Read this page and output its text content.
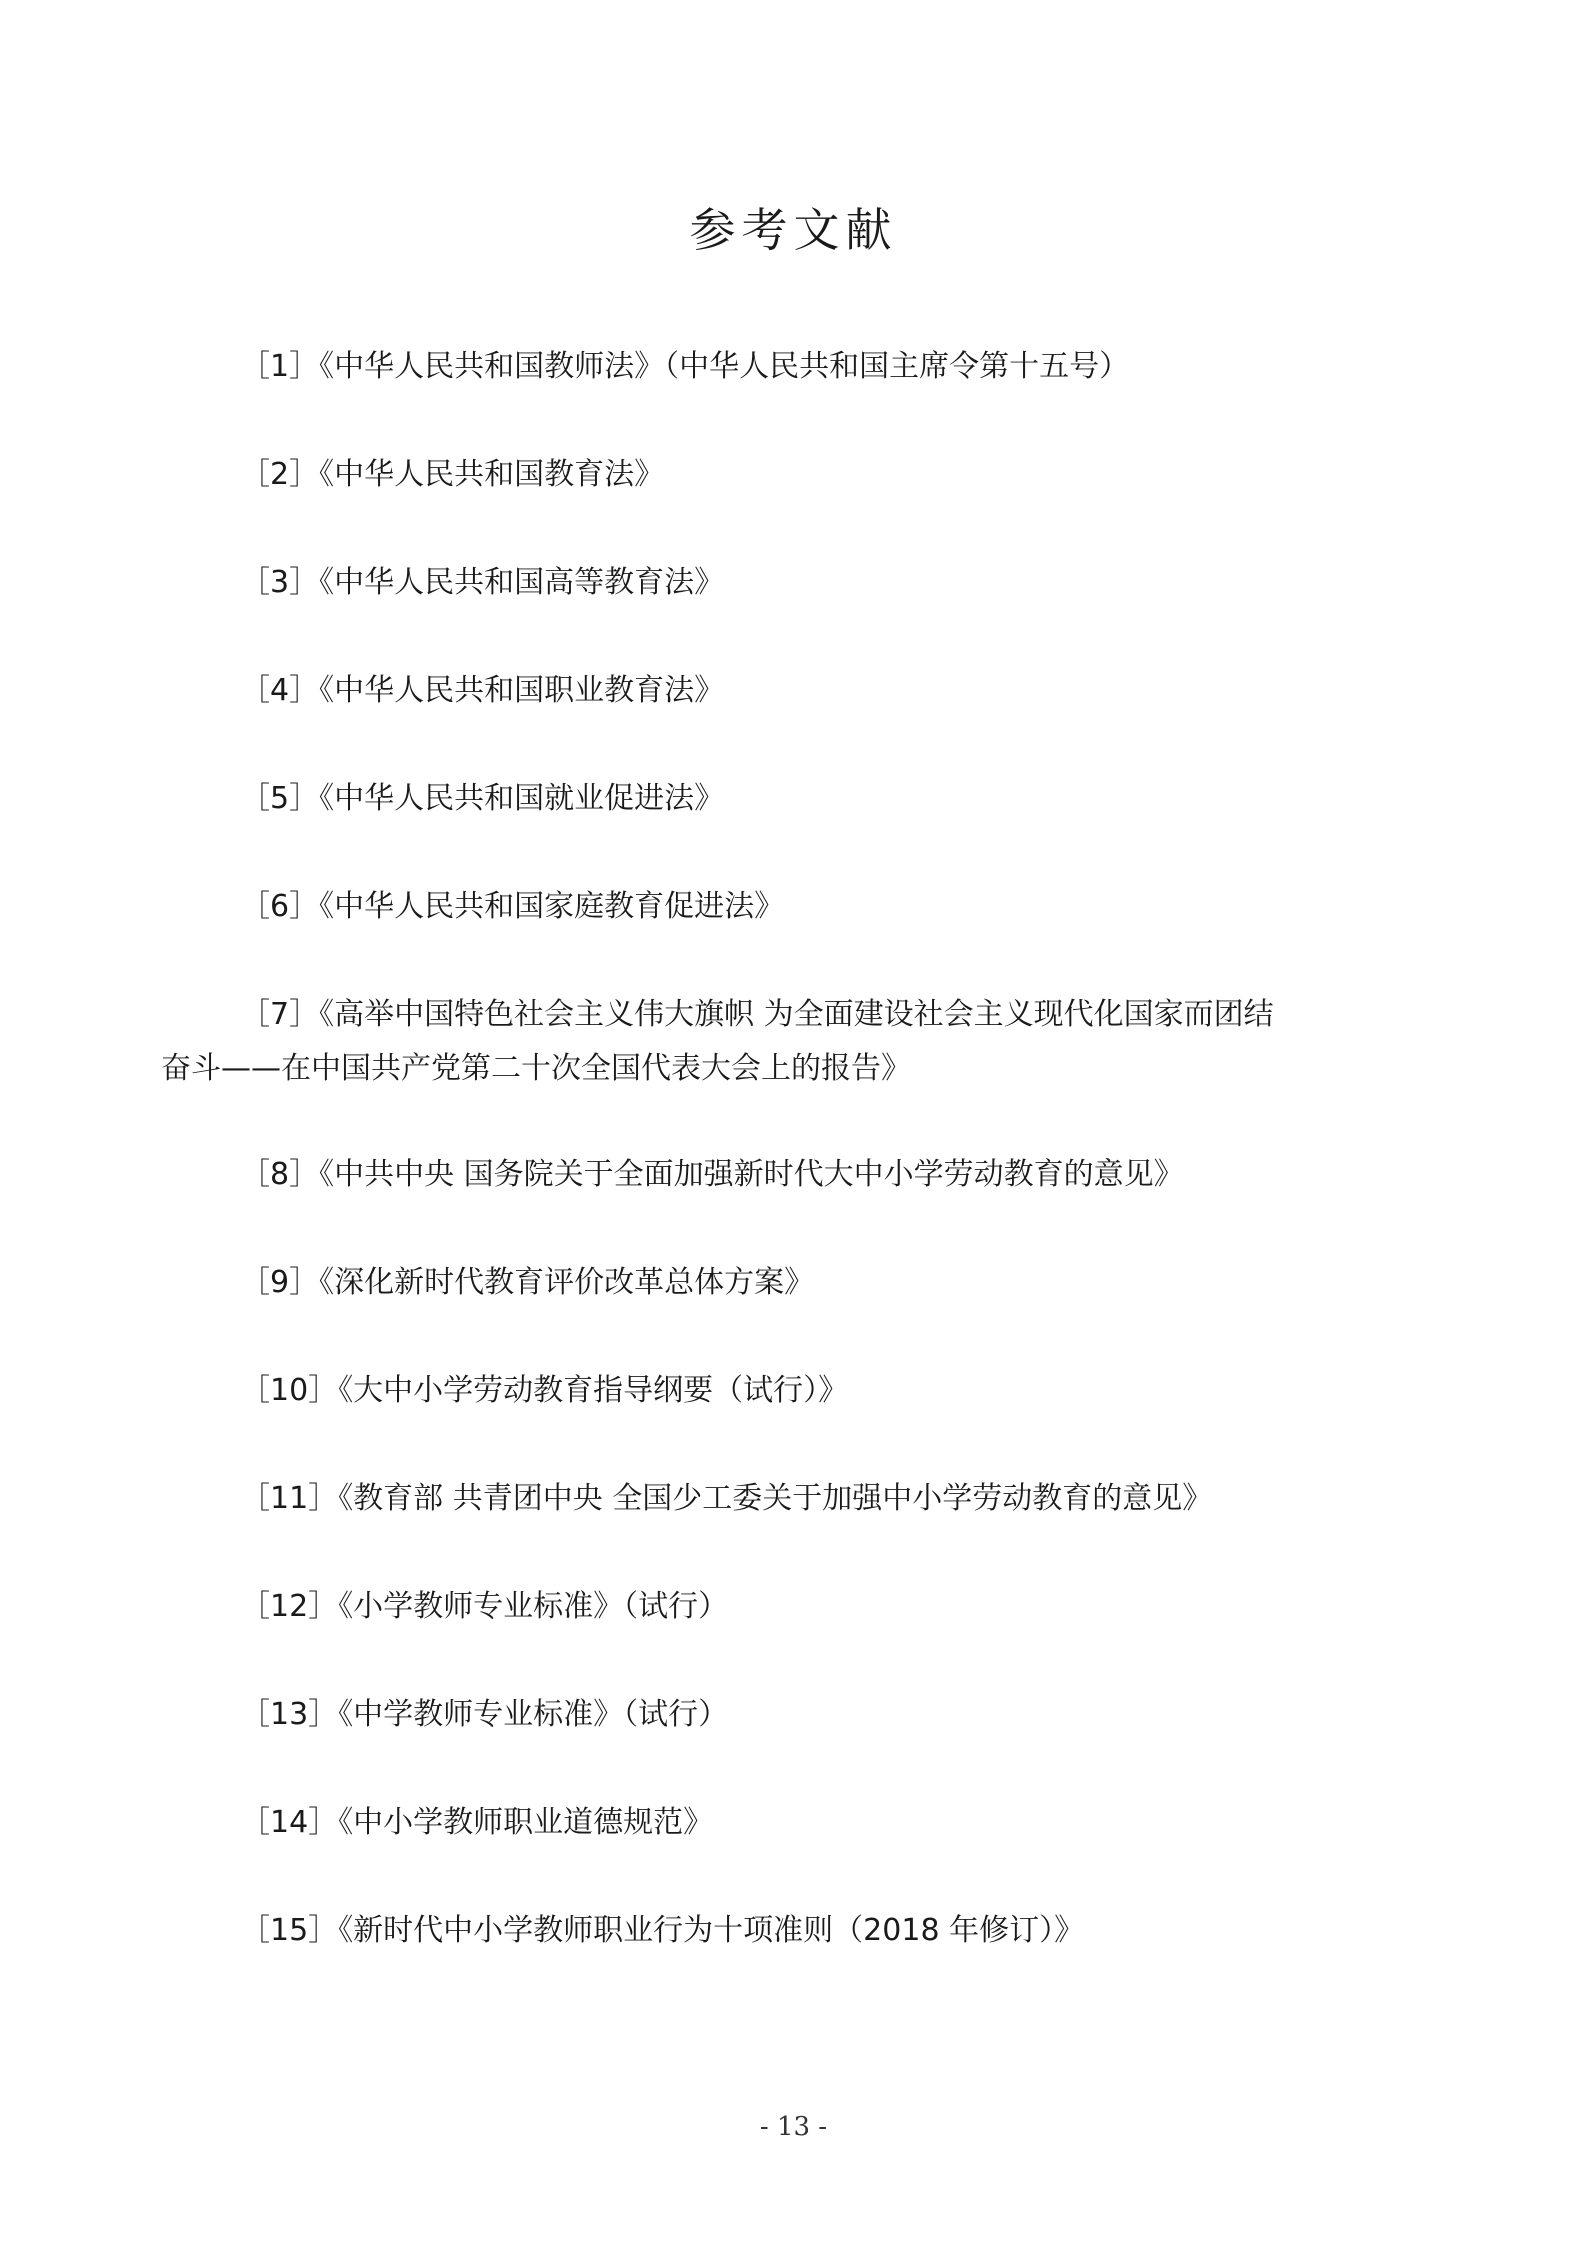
参考文献
［1］《中华人民共和国教师法》（中华人民共和国主席令第十五号）
［2］《中华人民共和国教育法》
［3］《中华人民共和国高等教育法》
［4］《中华人民共和国职业教育法》
［5］《中华人民共和国就业促进法》
［6］《中华人民共和国家庭教育促进法》
［7］《高举中国特色社会主义伟大旗帜 为全面建设社会主义现代化国家而团结奋斗——在中国共产党第二十次全国代表大会上的报告》
［8］《中共中央 国务院关于全面加强新时代大中小学劳动教育的意见》
［9］《深化新时代教育评价改革总体方案》
［10］《大中小学劳动教育指导纲要（试行）》
［11］《教育部 共青团中央 全国少工委关于加强中小学劳动教育的意见》
［12］《小学教师专业标准》（试行）
［13］《中学教师专业标准》（试行）
［14］《中小学教师职业道德规范》
［15］《新时代中小学教师职业行为十项准则（2018 年修订）》
- 13 -
